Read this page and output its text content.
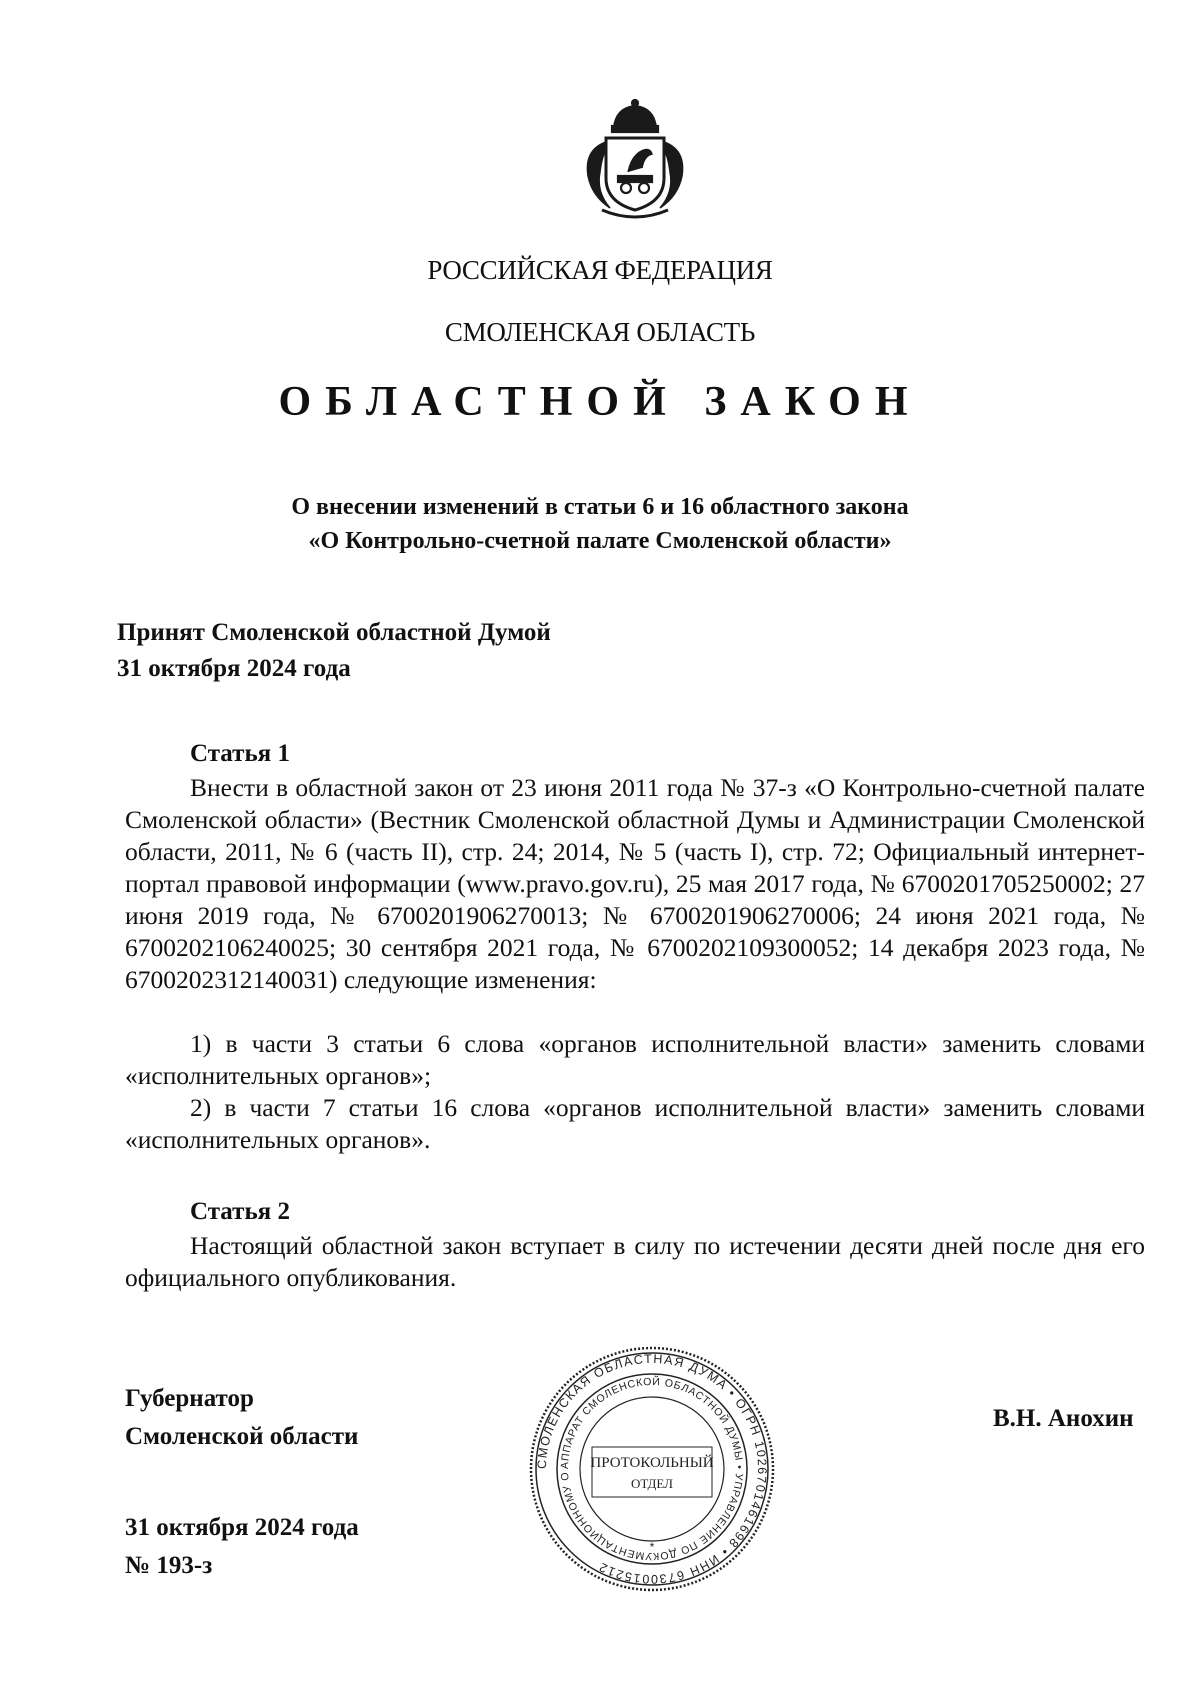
РОССИЙСКАЯ ФЕДЕРАЦИЯ
СМОЛЕНСКАЯ ОБЛАСТЬ
ОБЛАСТНОЙ ЗАКОН
О внесении изменений в статьи 6 и 16 областного закона
«О Контрольно-счетной палате Смоленской области»
Принят Смоленской областной Думой
31 октября 2024 года
Статья 1

Внести в областной закон от 23 июня 2011 года № 37-з «О Контрольно-счетной палате Смоленской области» (Вестник Смоленской областной Думы и Администрации Смоленской области, 2011, № 6 (часть II), стр. 24; 2014, № 5 (часть I), стр. 72; Официальный интернет-портал правовой информации (www.pravo.gov.ru), 25 мая 2017 года, № 6700201705250002; 27 июня 2019 года, № 6700201906270013; № 6700201906270006; 24 июня 2021 года, № 6700202106240025; 30 сентября 2021 года, № 6700202109300052; 14 декабря 2023 года, № 6700202312140031) следующие изменения:

1) в части 3 статьи 6 слова «органов исполнительной власти» заменить словами «исполнительных органов»;

2) в части 7 статьи 16 слова «органов исполнительной власти» заменить словами «исполнительных органов».

Статья 2

Настоящий областной закон вступает в силу по истечении десяти дней после дня его официального опубликования.

Губернатор
Смоленской области
В.Н. Анохин
31 октября 2024 года
№ 193-з
СМОЛЕНСКАЯ ОБЛАСТНАЯ ДУМА • ОГРН 1026701461698 • ИНН 6730015212
АППАРАТ СМОЛЕНСКОЙ ОБЛАСТНОЙ ДУМЫ • УПРАВЛЕНИЕ ПО ДОКУМЕНТАЦИОННОМУ О
ПРОТОКОЛЬНЫЙ
ОТДЕЛ
*
